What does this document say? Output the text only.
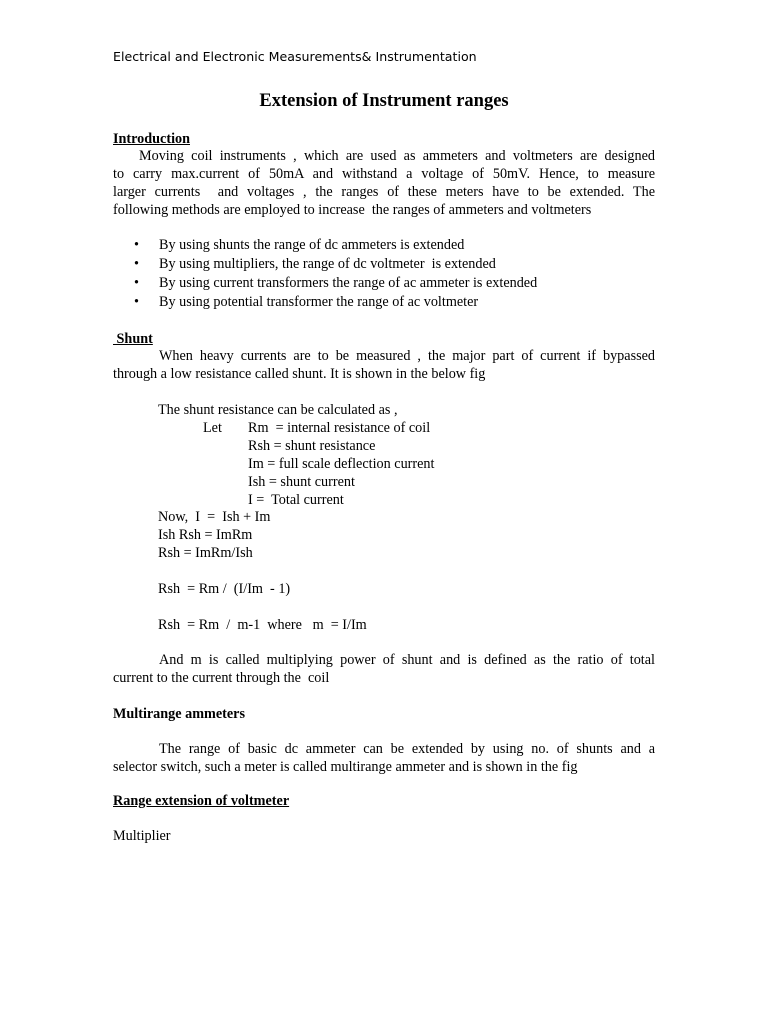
Electrical and Electronic Measurements& Instrumentation
Extension of Instrument ranges
Introduction
Moving coil instruments , which are used as ammeters and voltmeters are designed
to carry max.current of 50mA and withstand a voltage of 50mV. Hence, to measure
larger currents  and voltages , the ranges of these meters have to be extended. The
following methods are employed to increase  the ranges of ammeters and voltmeters
• By using shunts the range of dc ammeters is extended
• By using multipliers, the range of dc voltmeter  is extended
• By using current transformers the range of ac ammeter is extended
• By using potential transformer the range of ac voltmeter
Shunt
When heavy currents are to be measured , the major part of current if bypassed
through a low resistance called shunt. It is shown in the below fig
The shunt resistance can be calculated as ,
Let Rm  = internal resistance of coil
Rsh = shunt resistance
Im = full scale deflection current
Ish = shunt current
I =  Total current
Now,  I  =  Ish + Im
Ish Rsh = ImRm
Rsh = ImRm/Ish
Rsh  = Rm /  (I/Im  - 1)
Rsh  = Rm  /  m-1  where   m  = I/Im
And m is called multiplying power of shunt and is defined as the ratio of total
current to the current through the  coil
Multirange ammeters
The range of basic dc ammeter can be extended by using no. of shunts and a
selector switch, such a meter is called multirange ammeter and is shown in the fig
Range extension of voltmeter
Multiplier
